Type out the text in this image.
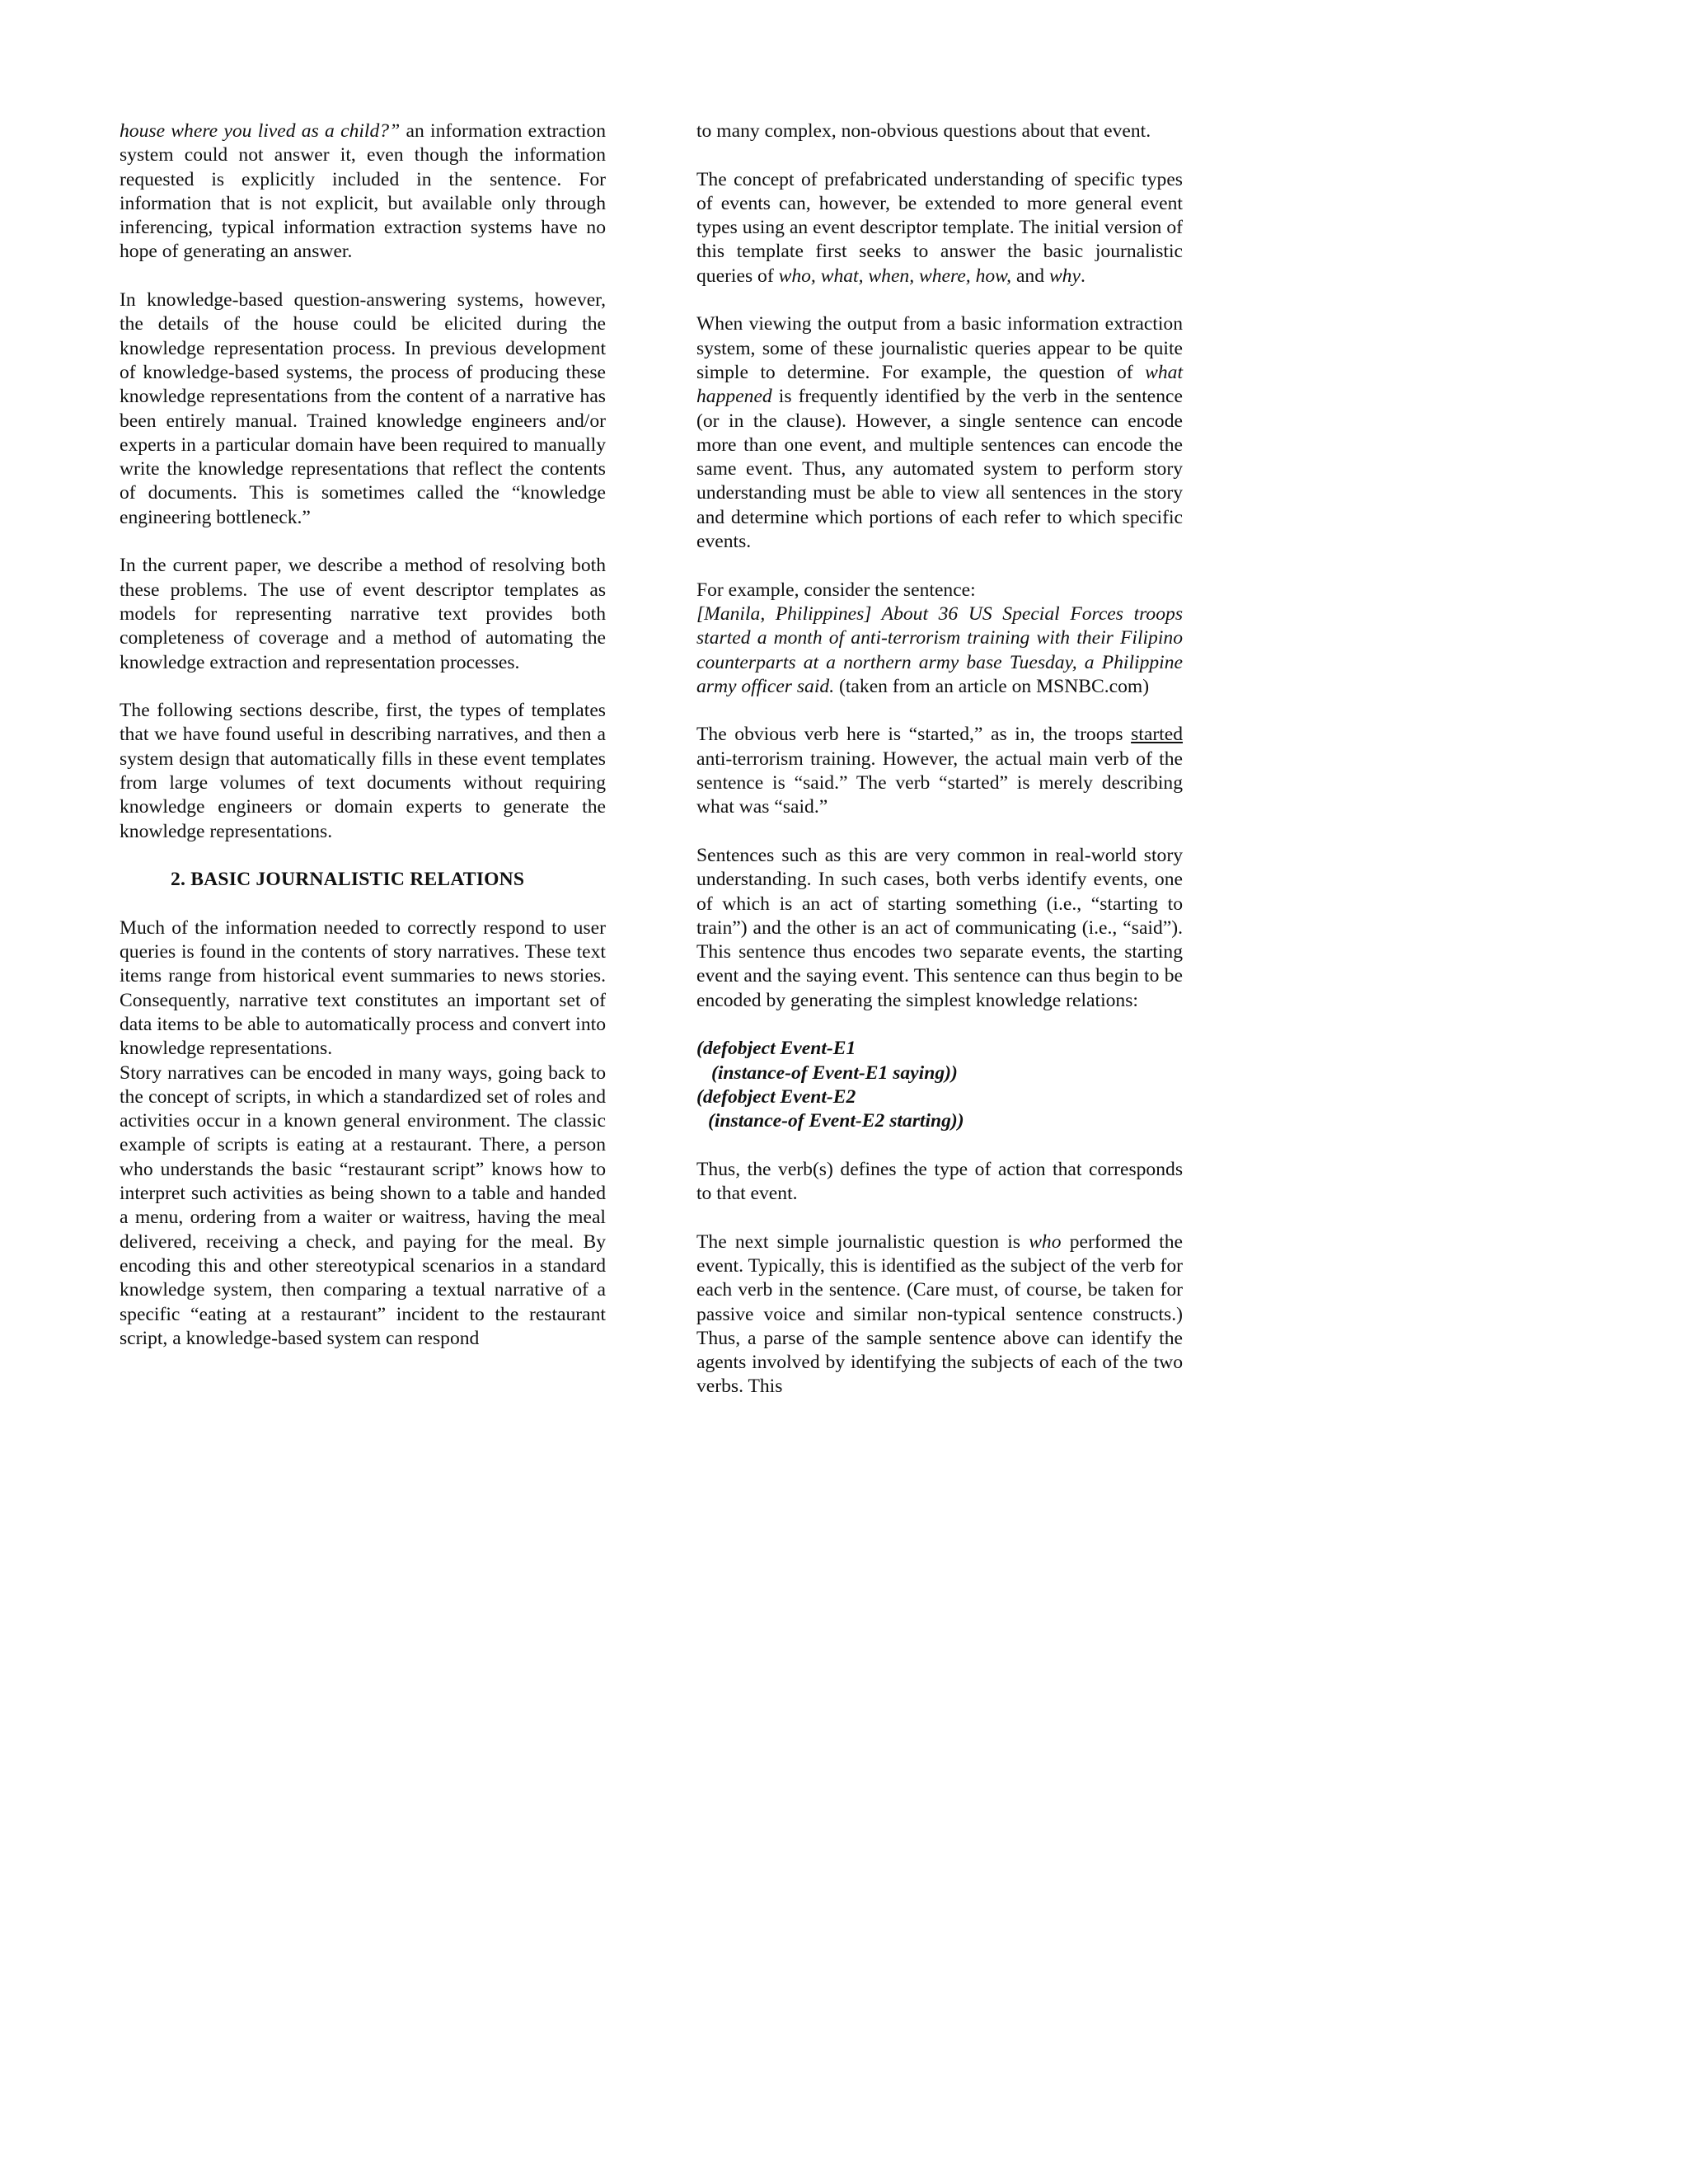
house where you lived as a child?” an information extraction system could not answer it, even though the information requested is explicitly included in the sentence. For information that is not explicit, but available only through inferencing, typical information extraction systems have no hope of generating an answer.

In knowledge-based question-answering systems, however, the details of the house could be elicited during the knowledge representation process. In previous development of knowledge-based systems, the process of producing these knowledge representations from the content of a narrative has been entirely manual. Trained knowledge engineers and/or experts in a particular domain have been required to manually write the knowledge representations that reflect the contents of documents. This is sometimes called the “knowledge engineering bottleneck.”

In the current paper, we describe a method of resolving both these problems. The use of event descriptor templates as models for representing narrative text provides both completeness of coverage and a method of automating the knowledge extraction and representation processes.

The following sections describe, first, the types of templates that we have found useful in describing narratives, and then a system design that automatically fills in these event templates from large volumes of text documents without requiring knowledge engineers or domain experts to generate the knowledge representations.

2. BASIC JOURNALISTIC RELATIONS

Much of the information needed to correctly respond to user queries is found in the contents of story narratives. These text items range from historical event summaries to news stories. Consequently, narrative text constitutes an important set of data items to be able to automatically process and convert into knowledge representations.

Story narratives can be encoded in many ways, going back to the concept of scripts, in which a standardized set of roles and activities occur in a known general environment. The classic example of scripts is eating at a restaurant. There, a person who understands the basic “restaurant script” knows how to interpret such activities as being shown to a table and handed a menu, ordering from a waiter or waitress, having the meal delivered, receiving a check, and paying for the meal. By encoding this and other stereotypical scenarios in a standard knowledge system, then comparing a textual narrative of a specific “eating at a restaurant” incident to the restaurant script, a knowledge-based system can respond

to many complex, non-obvious questions about that event.

The concept of prefabricated understanding of specific types of events can, however, be extended to more general event types using an event descriptor template. The initial version of this template first seeks to answer the basic journalistic queries of who, what, when, where, how, and why.

When viewing the output from a basic information extraction system, some of these journalistic queries appear to be quite simple to determine. For example, the question of what happened is frequently identified by the verb in the sentence (or in the clause). However, a single sentence can encode more than one event, and multiple sentences can encode the same event. Thus, any automated system to perform story understanding must be able to view all sentences in the story and determine which portions of each refer to which specific events.

For example, consider the sentence:
[Manila, Philippines] About 36 US Special Forces troops started a month of anti-terrorism training with their Filipino counterparts at a northern army base Tuesday, a Philippine army officer said. (taken from an article on MSNBC.com)

The obvious verb here is “started,” as in, the troops started anti-terrorism training. However, the actual main verb of the sentence is “said.” The verb “started” is merely describing what was “said.”

Sentences such as this are very common in real-world story understanding. In such cases, both verbs identify events, one of which is an act of starting something (i.e., “starting to train”) and the other is an act of communicating (i.e., “said”). This sentence thus encodes two separate events, the starting event and the saying event. This sentence can thus begin to be encoded by generating the simplest knowledge relations:

(defobject Event-E1
(instance-of Event-E1 saying))
(defobject Event-E2
(instance-of Event-E2 starting))

Thus, the verb(s) defines the type of action that corresponds to that event.

The next simple journalistic question is who performed the event. Typically, this is identified as the subject of the verb for each verb in the sentence. (Care must, of course, be taken for passive voice and similar non-typical sentence constructs.) Thus, a parse of the sample sentence above can identify the agents involved by identifying the subjects of each of the two verbs. This
